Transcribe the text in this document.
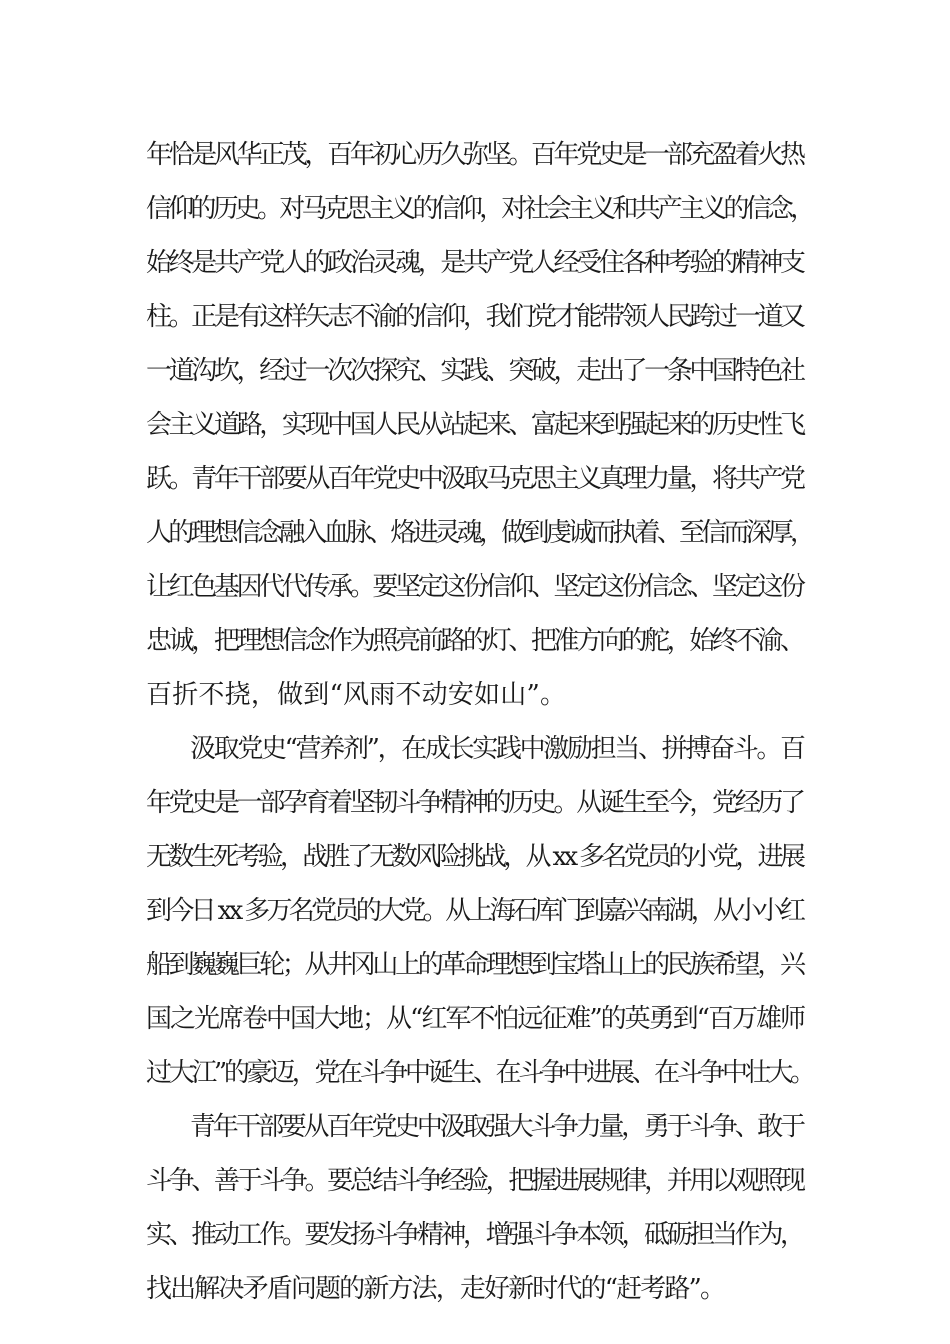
年恰是风华正茂，百年初心历久弥坚。百年党史是一部充盈着火热
信仰的历史。对马克思主义的信仰，对社会主义和共产主义的信念，
始终是共产党人的政治灵魂，是共产党人经受住各种考验的精神支
柱。正是有这样矢志不渝的信仰，我们党才能带领人民跨过一道又
一道沟坎，经过一次次探究、实践、突破，走出了一条中国特色社
会主义道路，实现中国人民从站起来、富起来到强起来的历史性飞
跃。青年干部要从百年党史中汲取马克思主义真理力量，将共产党
人的理想信念融入血脉、烙进灵魂，做到虔诚而执着、至信而深厚，
让红色基因代代传承。要坚定这份信仰、坚定这份信念、坚定这份
忠诚，把理想信念作为照亮前路的灯、把准方向的舵，始终不渝、
百折不挠，做到“风雨不动安如山”。
汲取党史“营养剂”，在成长实践中激励担当、拼搏奋斗。百
年党史是一部孕育着坚韧斗争精神的历史。从诞生至今，党经历了
无数生死考验，战胜了无数风险挑战，从 xx 多名党员的小党，进展
到今日 xx 多万名党员的大党。从上海石库门到嘉兴南湖，从小小红
船到巍巍巨轮；从井冈山上的革命理想到宝塔山上的民族希望，兴
国之光席卷中国大地；从“红军不怕远征难”的英勇到“百万雄师
过大江”的豪迈，党在斗争中诞生、在斗争中进展、在斗争中壮大。
青年干部要从百年党史中汲取强大斗争力量，勇于斗争、敢于
斗争、善于斗争。要总结斗争经验，把握进展规律，并用以观照现
实、推动工作。要发扬斗争精神，增强斗争本领，砥砺担当作为，
找出解决矛盾问题的新方法，走好新时代的“赶考路”。
